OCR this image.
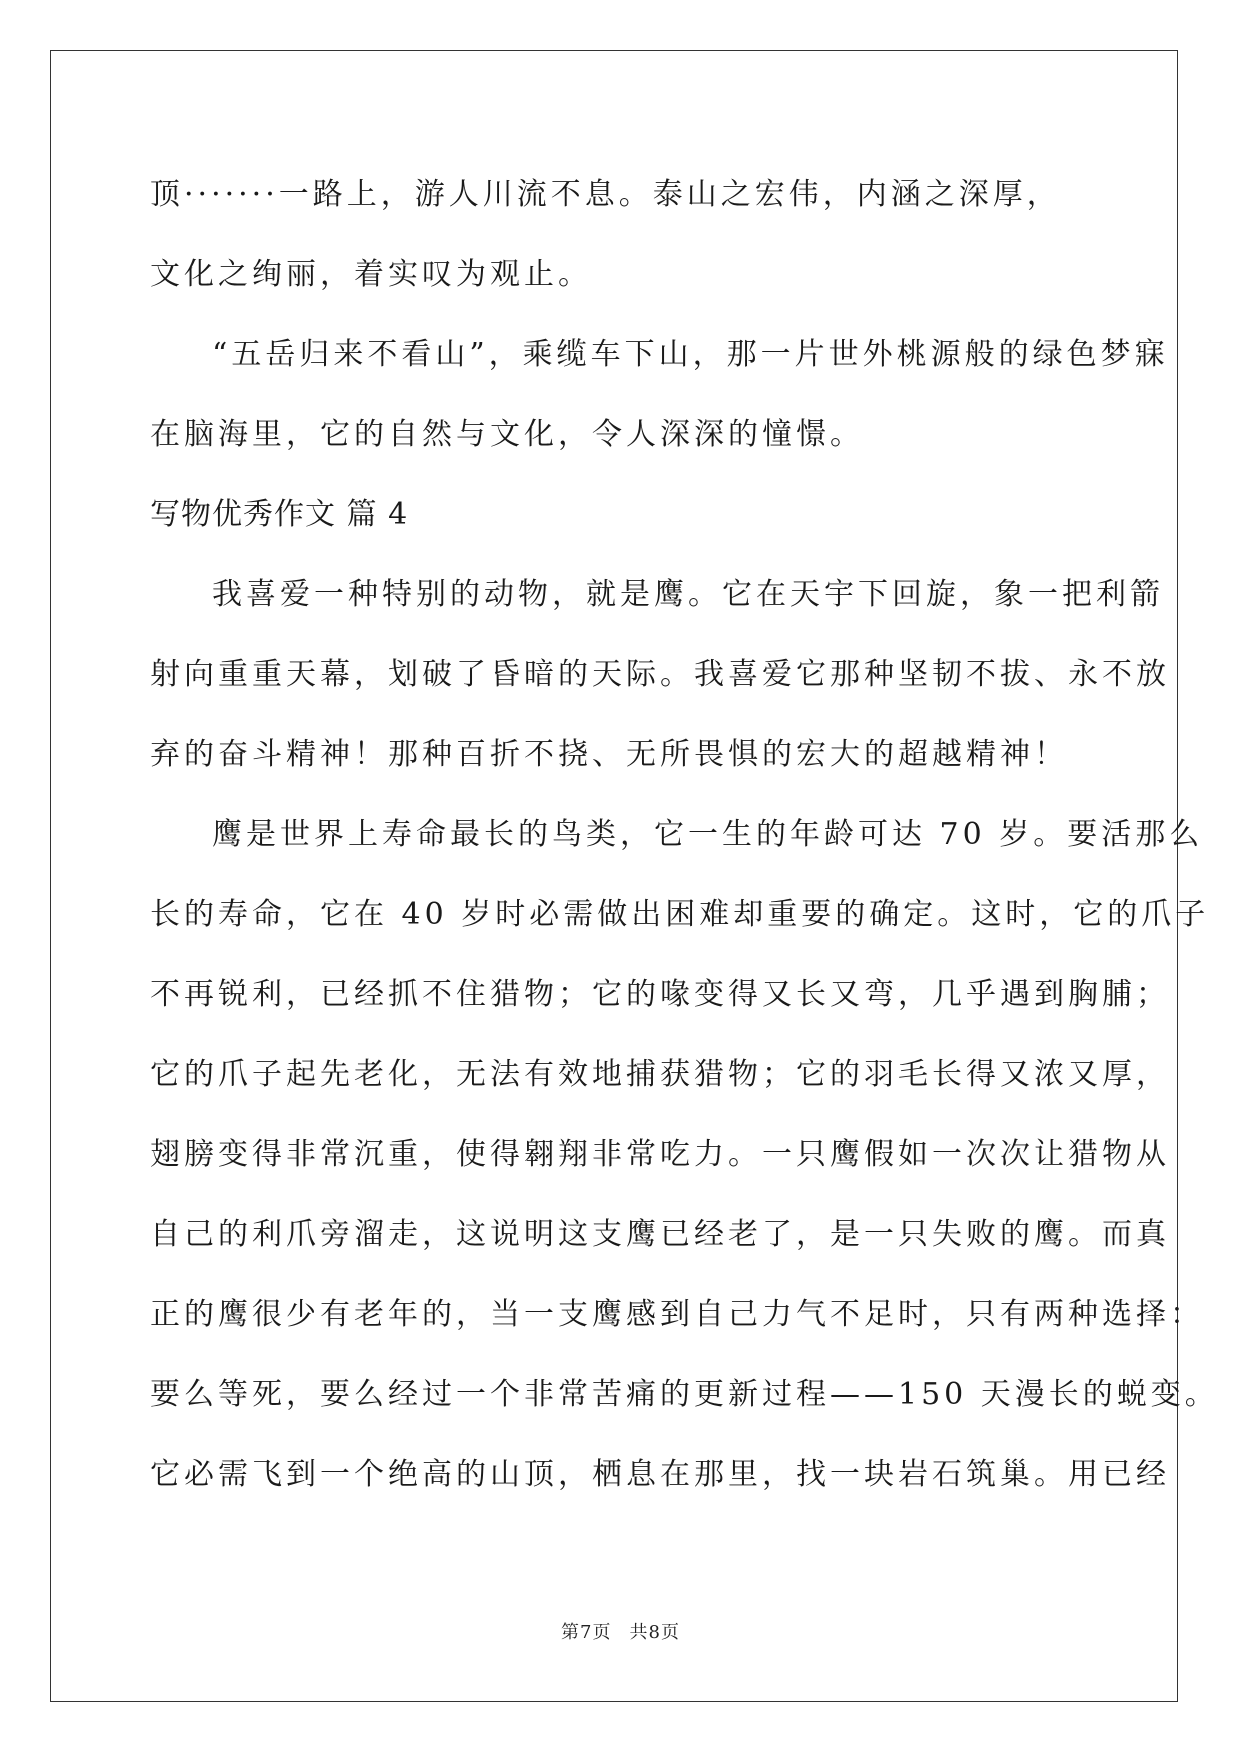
顶·······一路上，游人川流不息。泰山之宏伟，内涵之深厚，
文化之绚丽，着实叹为观止。
“五岳归来不看山”，乘缆车下山，那一片世外桃源般的绿色梦寐
在脑海里，它的自然与文化，令人深深的憧憬。
写物优秀作文 篇 4
我喜爱一种特别的动物，就是鹰。它在天宇下回旋，象一把利箭
射向重重天幕，划破了昏暗的天际。我喜爱它那种坚韧不拔、永不放
弃的奋斗精神！那种百折不挠、无所畏惧的宏大的超越精神！
鹰是世界上寿命最长的鸟类，它一生的年龄可达 70 岁。要活那么
长的寿命，它在 40 岁时必需做出困难却重要的确定。这时，它的爪子
不再锐利，已经抓不住猎物；它的喙变得又长又弯，几乎遇到胸脯；
它的爪子起先老化，无法有效地捕获猎物；它的羽毛长得又浓又厚，
翅膀变得非常沉重，使得翱翔非常吃力。一只鹰假如一次次让猎物从
自己的利爪旁溜走，这说明这支鹰已经老了，是一只失败的鹰。而真
正的鹰很少有老年的，当一支鹰感到自己力气不足时，只有两种选择：
要么等死，要么经过一个非常苦痛的更新过程——150 天漫长的蜕变。
它必需飞到一个绝高的山顶，栖息在那里，找一块岩石筑巢。用已经
第7页 共8页
